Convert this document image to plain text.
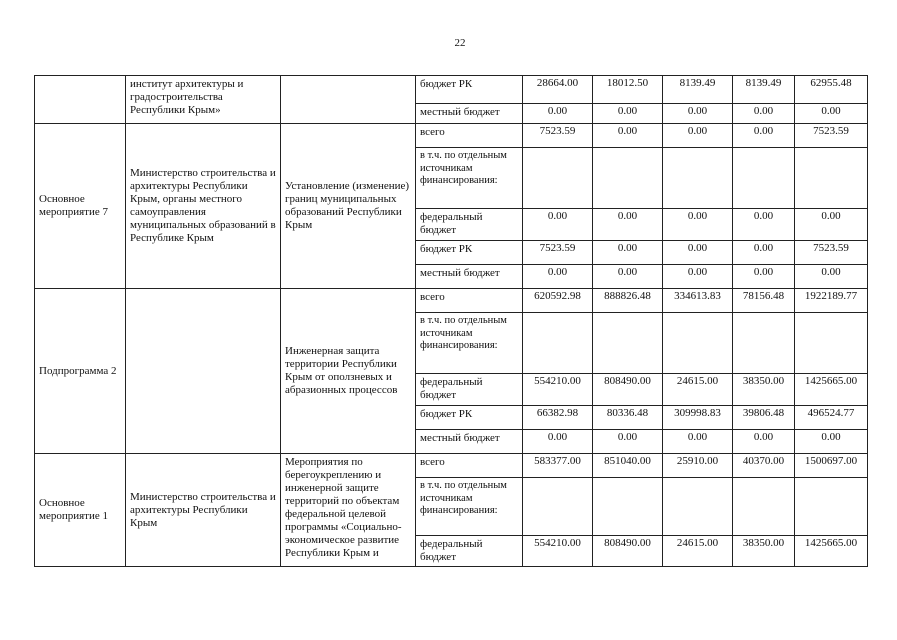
22
	институт архитектуры и градостроительства Республики Крым»		бюджет РК	28664.00	18012.50	8139.49	8139.49	62955.48
			местный бюджет	0.00	0.00	0.00	0.00	0.00
Основное мероприятие 7	Министерство строительства и архитектуры Республики Крым, органы местного самоуправления муниципальных образований в Республике Крым	Установление (изменение) границ муниципальных образований Республики Крым	всего	7523.59	0.00	0.00	0.00	7523.59
			в т.ч. по отдельным источникам финансирования:					
			федеральный бюджет	0.00	0.00	0.00	0.00	0.00
			бюджет РК	7523.59	0.00	0.00	0.00	7523.59
			местный бюджет	0.00	0.00	0.00	0.00	0.00
Подпрограмма 2		Инженерная защита территории Республики Крым от оползневых и абразионных процессов	всего	620592.98	888826.48	334613.83	78156.48	1922189.77
			в т.ч. по отдельным источникам финансирования:					
			федеральный бюджет	554210.00	808490.00	24615.00	38350.00	1425665.00
			бюджет РК	66382.98	80336.48	309998.83	39806.48	496524.77
			местный бюджет	0.00	0.00	0.00	0.00	0.00
Основное мероприятие 1	Министерство строительства и архитектуры Республики Крым	Мероприятия по берегоукреплению и инженерной защите территорий по объектам федеральной целевой программы «Социально-экономическое развитие Республики Крым и	всего	583377.00	851040.00	25910.00	40370.00	1500697.00
			в т.ч. по отдельным источникам финансирования:					
			федеральный бюджет	554210.00	808490.00	24615.00	38350.00	1425665.00
